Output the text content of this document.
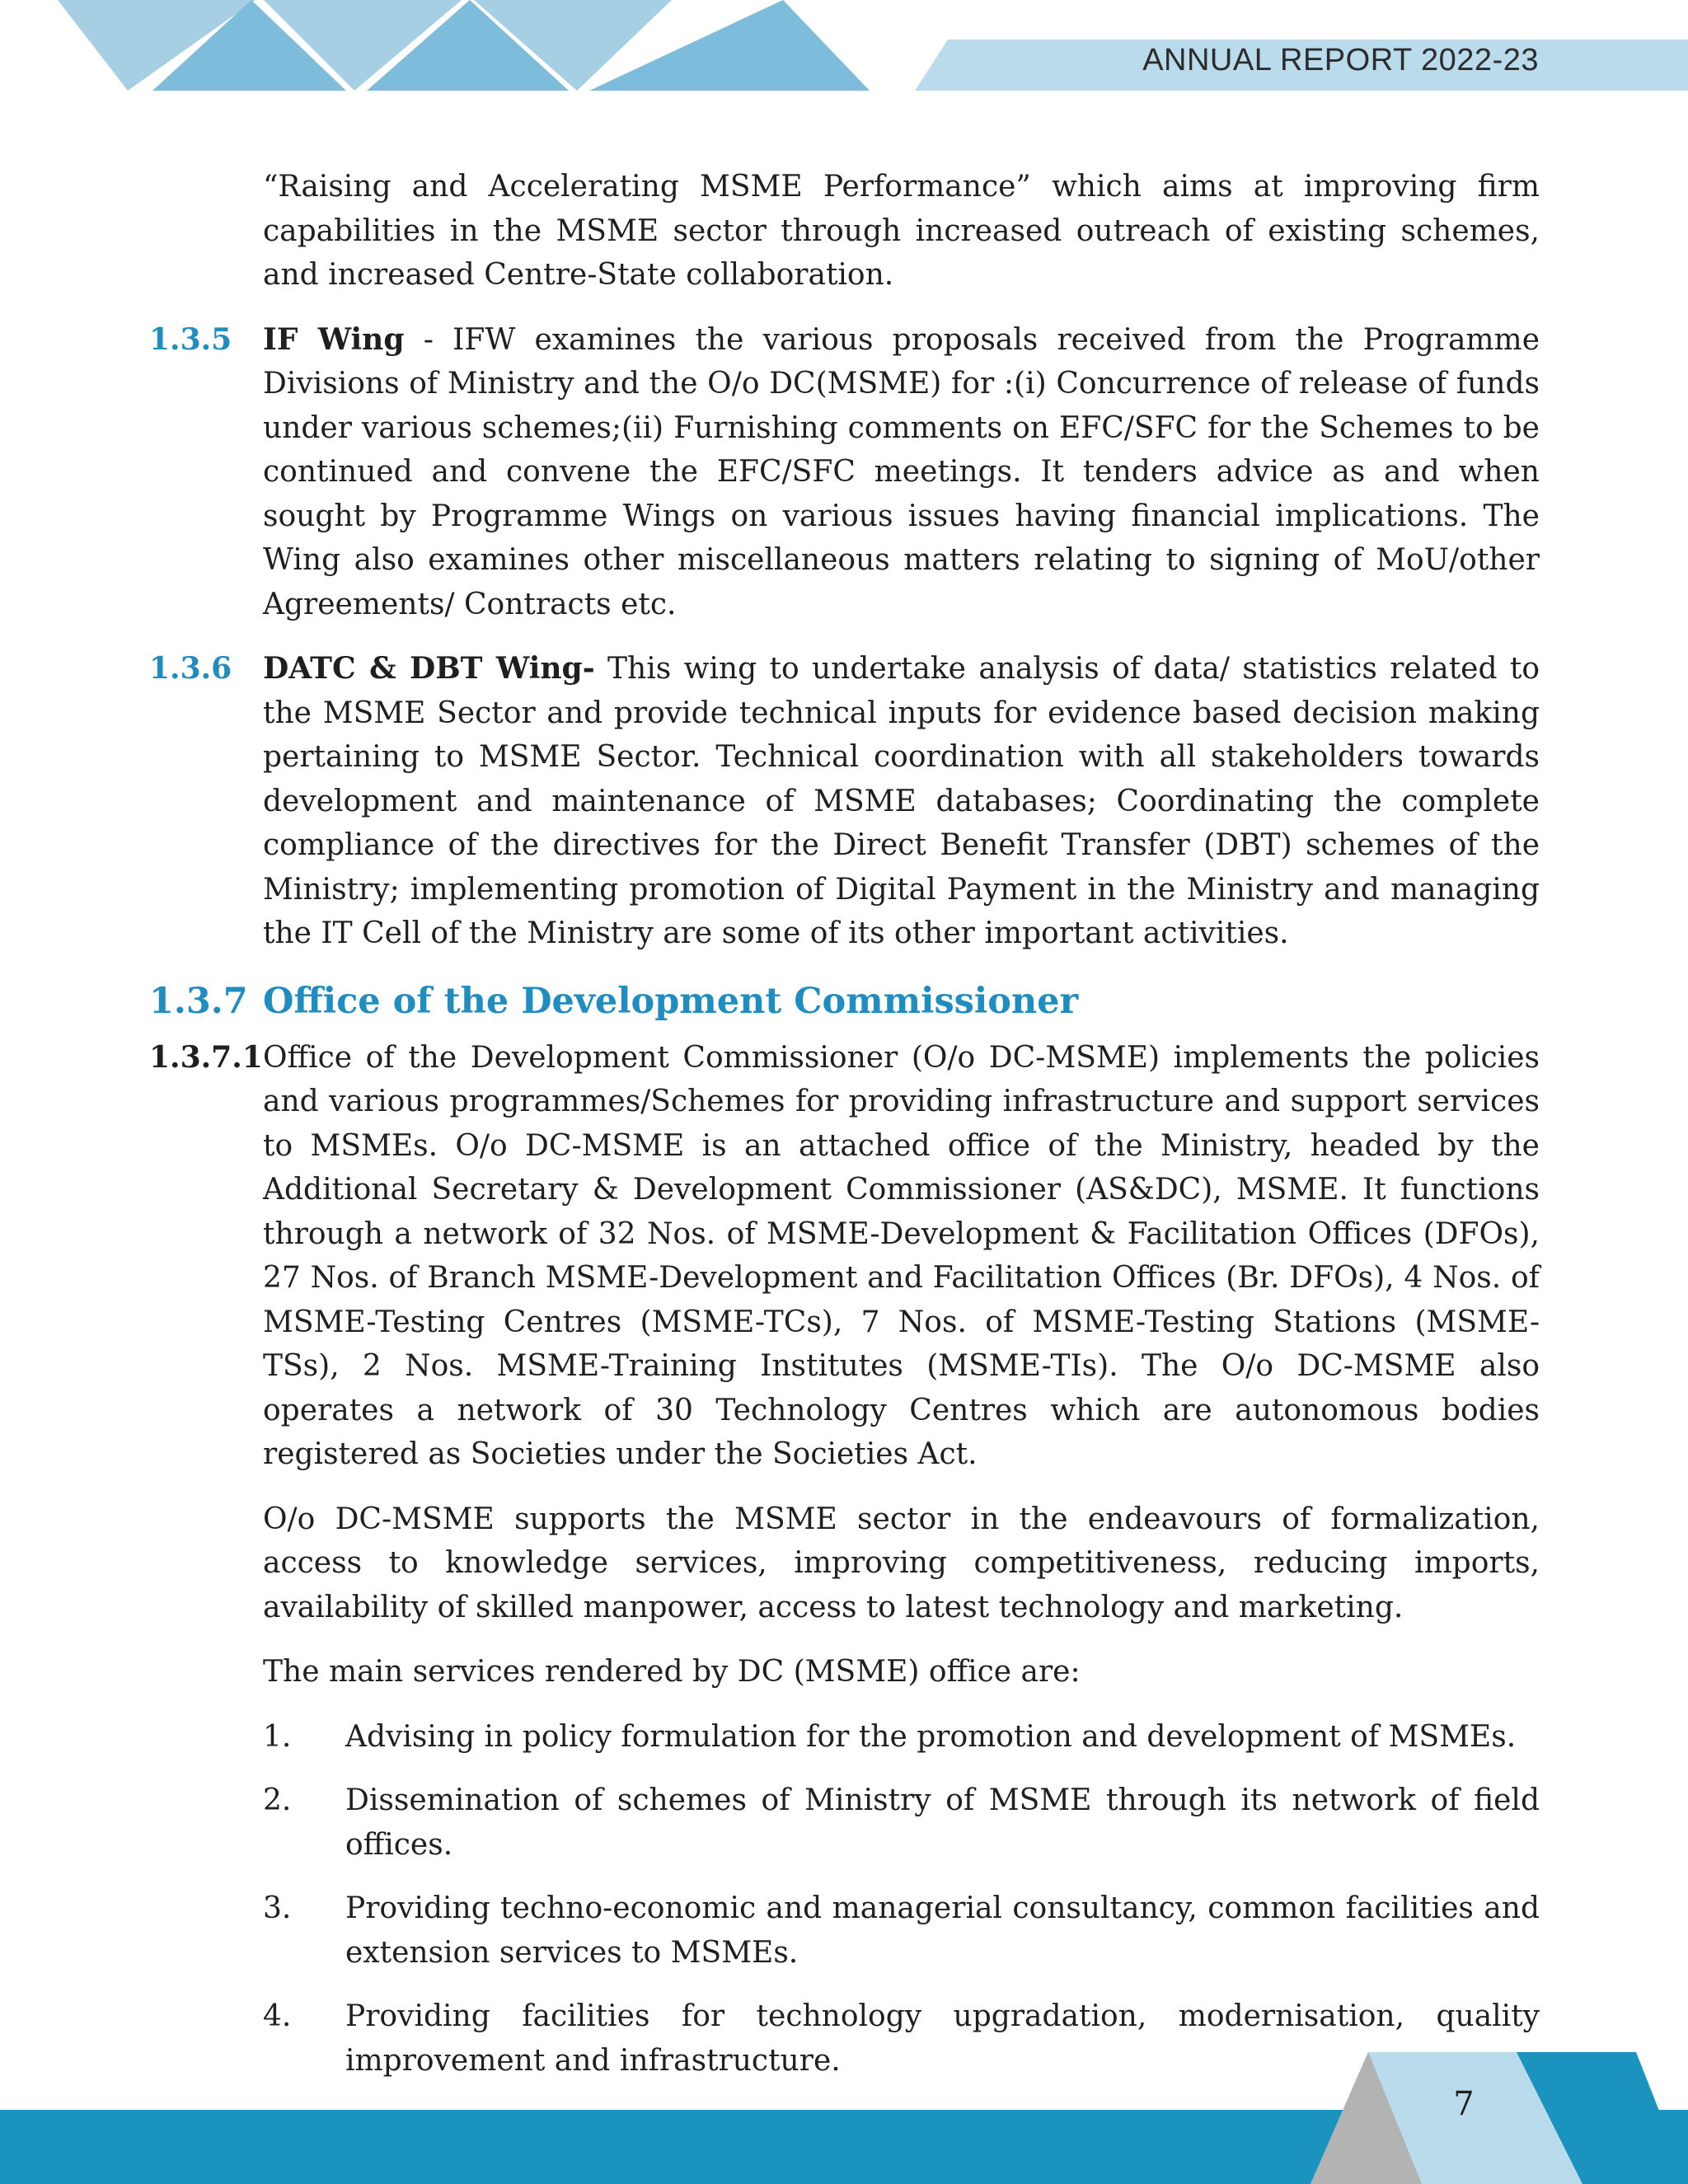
ANNUAL REPORT 2022-23
“Raising and Accelerating MSME Performance” which aims at improving firm capabilities in the MSME sector through increased outreach of existing schemes, and increased Centre-State collaboration.
1.3.5	IF Wing - IFW examines the various proposals received from the Programme Divisions of Ministry and the O/o DC(MSME) for :(i) Concurrence of release of funds under various schemes;(ii) Furnishing comments on EFC/SFC for the Schemes to be continued and convene the EFC/SFC meetings. It tenders advice as and when sought by Programme Wings on various issues having financial implications. The Wing also examines other miscellaneous matters relating to signing of MoU/other Agreements/ Contracts etc.
1.3.6	DATC & DBT Wing- This wing to undertake analysis of data/ statistics related to the MSME Sector and provide technical inputs for evidence based decision making pertaining to MSME Sector. Technical coordination with all stakeholders towards development and maintenance of MSME databases; Coordinating the complete compliance of the directives for the Direct Benefit Transfer (DBT) schemes of the Ministry; implementing promotion of Digital Payment in the Ministry and managing the IT Cell of the Ministry are some of its other important activities.
1.3.7 Office of the Development Commissioner
1.3.7.1 Office of the Development Commissioner (O/o DC-MSME) implements the policies and various programmes/Schemes for providing infrastructure and support services to MSMEs. O/o DC-MSME is an attached office of the Ministry, headed by the Additional Secretary & Development Commissioner (AS&DC), MSME. It functions through a network of 32 Nos. of MSME-Development & Facilitation Offices (DFOs), 27 Nos. of Branch MSME-Development and Facilitation Offices (Br. DFOs), 4 Nos. of MSME-Testing Centres (MSME-TCs), 7 Nos. of MSME-Testing Stations (MSME-TSs), 2 Nos. MSME-Training Institutes (MSME-TIs). The O/o DC-MSME also operates a network of 30 Technology Centres which are autonomous bodies registered as Societies under the Societies Act.
O/o DC-MSME supports the MSME sector in the endeavours of formalization, access to knowledge services, improving competitiveness, reducing imports, availability of skilled manpower, access to latest technology and marketing.
The main services rendered by DC (MSME) office are:
1.	Advising in policy formulation for the promotion and development of MSMEs.
2.	Dissemination of schemes of Ministry of MSME through its network of field offices.
3.	Providing techno-economic and managerial consultancy, common facilities and extension services to MSMEs.
4.	Providing facilities for technology upgradation, modernisation, quality improvement and infrastructure.
7
